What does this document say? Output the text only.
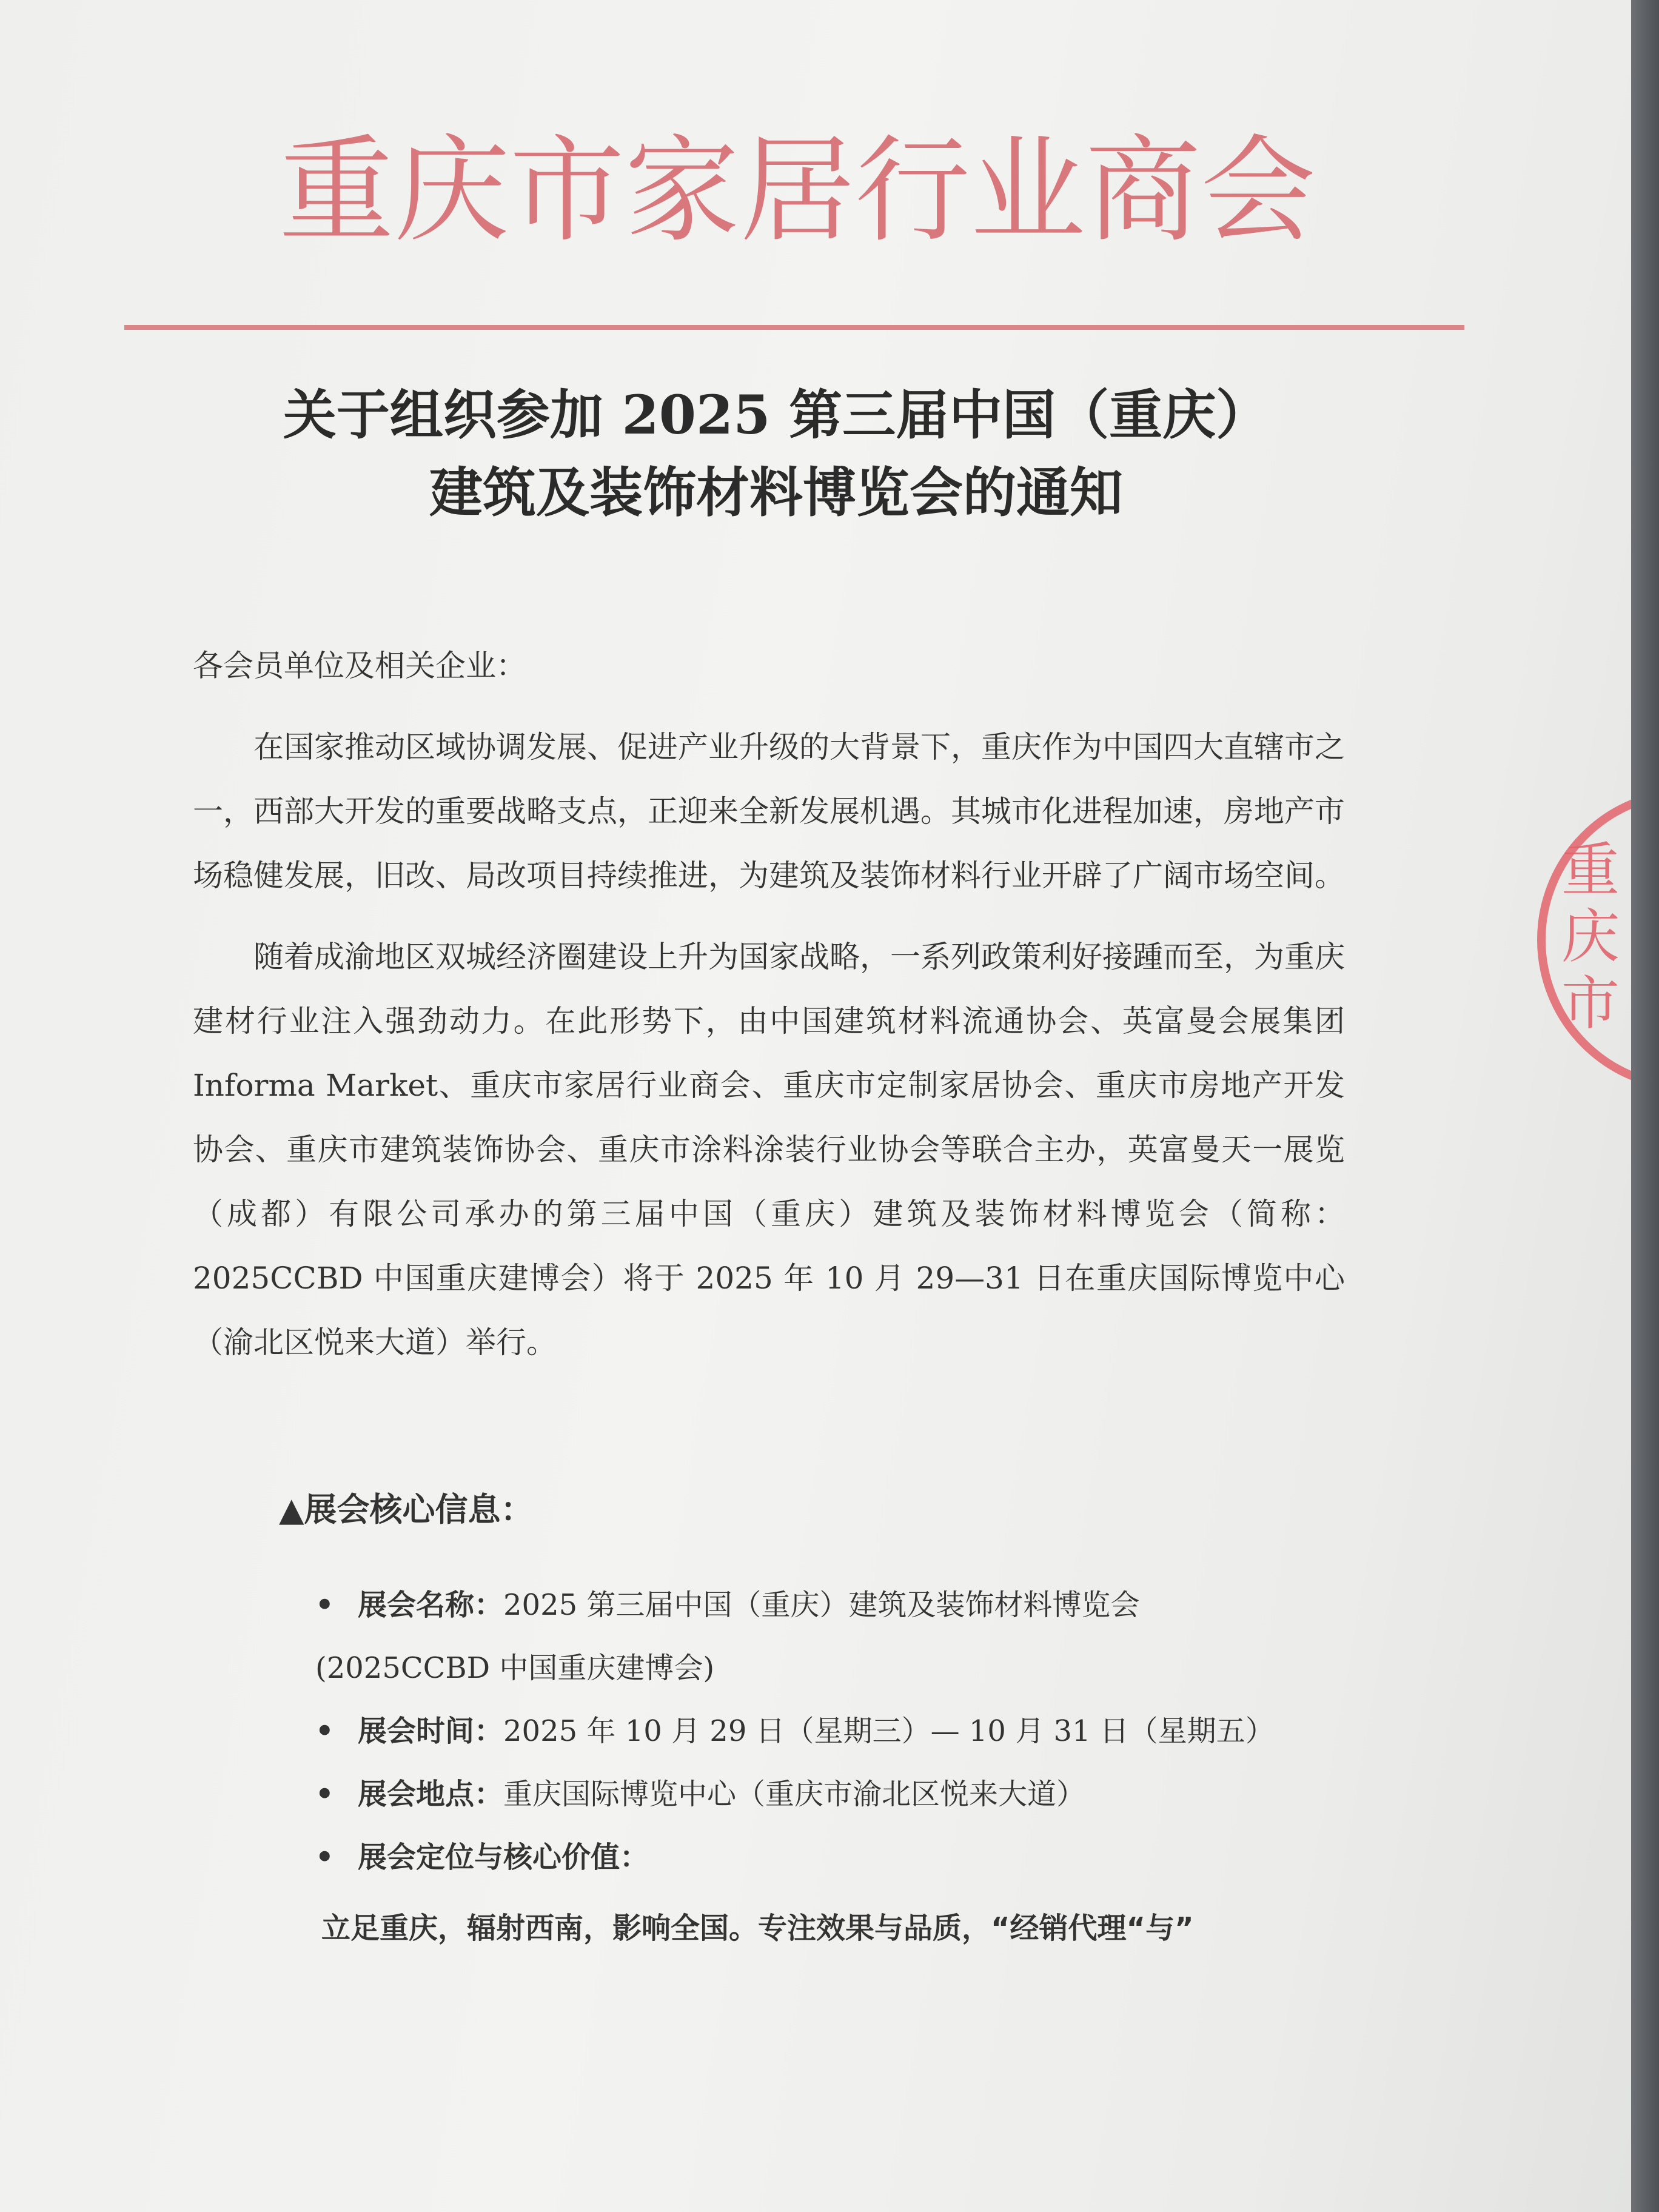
重庆市家居行业商会
关于组织参加 2025 第三届中国（重庆）
建筑及装饰材料博览会的通知

各会员单位及相关企业：

在国家推动区域协调发展、促进产业升级的大背景下，重庆作为中国四大直辖市之一，西部大开发的重要战略支点，正迎来全新发展机遇。其城市化进程加速，房地产市场稳健发展，旧改、局改项目持续推进，为建筑及装饰材料行业开辟了广阔市场空间。

随着成渝地区双城经济圈建设上升为国家战略，一系列政策利好接踵而至，为重庆建材行业注入强劲动力。在此形势下，由中国建筑材料流通协会、英富曼会展集团 Informa Market、重庆市家居行业商会、重庆市定制家居协会、重庆市房地产开发协会、重庆市建筑装饰协会、重庆市涂料涂装行业协会等联合主办，英富曼天一展览（成都）有限公司承办的第三届中国（重庆）建筑及装饰材料博览会（简称：2025CCBD 中国重庆建博会）将于 2025 年 10 月 29—31 日在重庆国际博览中心（渝北区悦来大道）举行。

▲展会核心信息：
• 展会名称：2025 第三届中国（重庆）建筑及装饰材料博览会
(2025CCBD 中国重庆建博会)
• 展会时间：2025 年 10 月 29 日（星期三）— 10 月 31 日（星期五）
• 展会地点：重庆国际博览中心（重庆市渝北区悦来大道）
• 展会定位与核心价值：
立足重庆，辐射西南，影响全国。专注效果与品质，“经销代理“与”
重
庆
市
